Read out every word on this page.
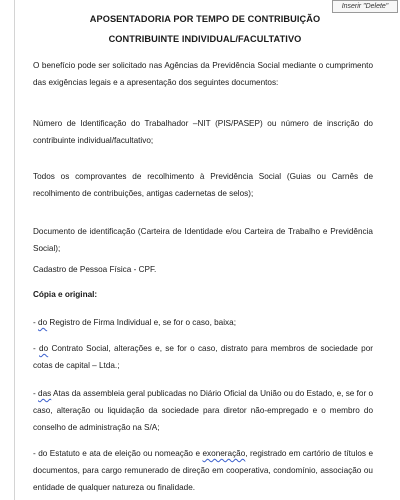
Inserir "Delete"
APOSENTADORIA POR TEMPO DE CONTRIBUIÇÃO
CONTRIBUINTE INDIVIDUAL/FACULTATIVO

O benefício pode ser solicitado nas Agências da Previdência Social mediante o cumprimento das exigências legais e a apresentação dos seguintes documentos:

Número de Identificação do Trabalhador –NIT (PIS/PASEP) ou número de inscrição do contribuinte individual/facultativo;

Todos os comprovantes de recolhimento à Previdência Social (Guias ou Carnês de recolhimento de contribuições, antigas cadernetas de selos);

Documento de identificação (Carteira de Identidade e/ou Carteira de Trabalho e Previdência Social);

Cadastro de Pessoa Física - CPF.

Cópia e original:

- do Registro de Firma Individual e, se for o caso, baixa;

- do Contrato Social, alterações e, se for o caso, distrato para membros de sociedade por cotas de capital – Ltda.;

- das Atas da assembleia geral publicadas no Diário Oficial da União ou do Estado, e, se for o caso, alteração ou liquidação da sociedade para diretor não-empregado e o membro do conselho de administração na S/A;

- do Estatuto e ata de eleição ou nomeação e exoneração, registrado em cartório de títulos e documentos, para cargo remunerado de direção em cooperativa, condomínio, associação ou entidade de qualquer natureza ou finalidade.
